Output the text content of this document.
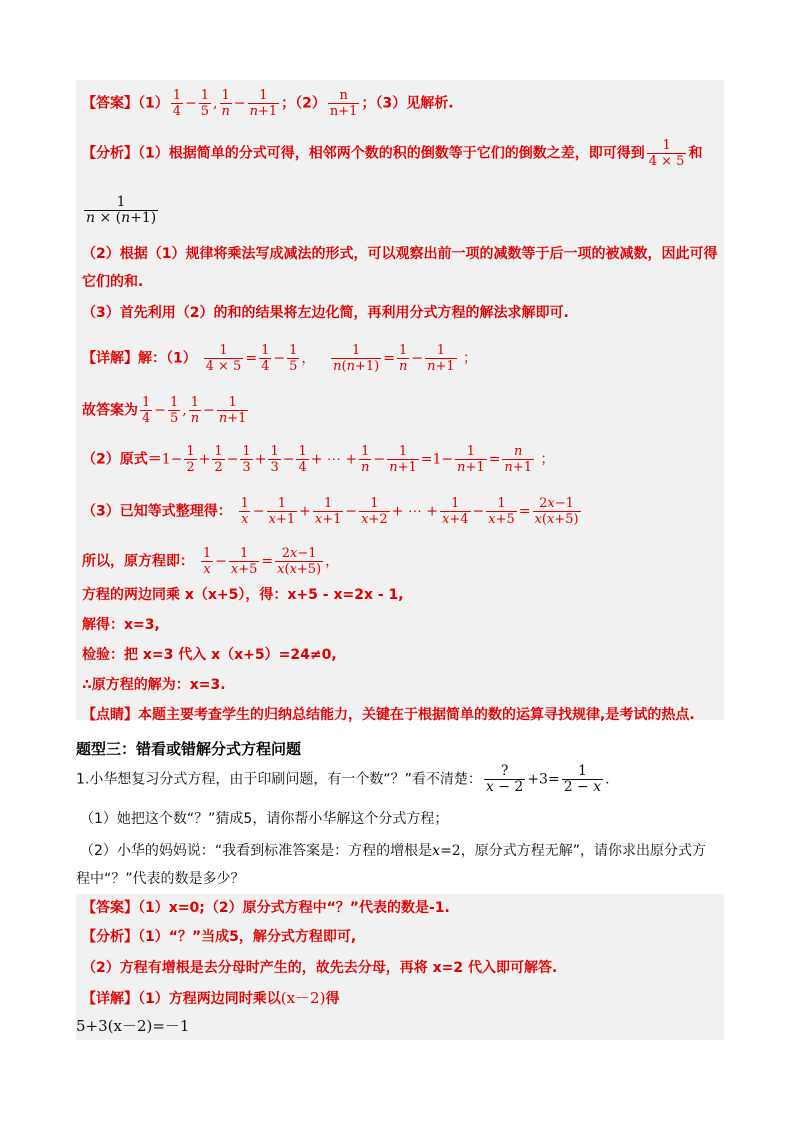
【答案】$(1) \frac{1}{4} - \frac{1}{5}$ , $\frac{1}{n} - \frac{1}{n+1}$ ；$(2) \frac{n}{n+1}$ ；（3）见解析.
【分析】（1）根据简单的分式可得，相邻两个数的积的倒数等于它们的倒数之差，即可得到 $\frac{1}{4 \times 5}$ 和
$\frac{1}{n \times (n+1)}$
（2）根据（1）规律将乘法写成减法的形式，可以观察出前一项的减数等于后一项的被减数，因此可得
它们的和.
（3）首先利用（2）的和的结果将左边化简，再利用分式方程的解法求解即可.
【详解】解：$(1) \frac{1}{4 \times 5} = \frac{1}{4} - \frac{1}{5}$ ， $\frac{1}{n(n+1)} = \frac{1}{n} - \frac{1}{n+1}$ ；
故答案为 $\frac{1}{4} - \frac{1}{5}$ , $\frac{1}{n} - \frac{1}{n+1}$
（2）原式$=1- \frac{1}{2} + \frac{1}{2} - \frac{1}{3} + \frac{1}{3} - \frac{1}{4}$ + ⋯ + $\frac{1}{n} - \frac{1}{n+1} =1- \frac{1}{n+1} = \frac{n}{n+1}$ ；
（3）已知等式整理得： $\frac{1}{x} - \frac{1}{x+1} + \frac{1}{x+1} - \frac{1}{x+2}$ + ⋯ + $\frac{1}{x+4} - \frac{1}{x+5} = \frac{2x-1}{x(x+5)}$
所以，原方程即： $\frac{1}{x} - \frac{1}{x+5} = \frac{2x-1}{x(x+5)}$ ，
方程的两边同乘 x（x+5），得：x+5 - x=2x - 1,
解得：x=3,
检验：把 x=3 代入 x（x+5）=24≠0,
∴原方程的解为：x=3.
【点睛】本题主要考查学生的归纳总结能力，关键在于根据简单的数的运算寻找规律,是考试的热点.
题型三：错看或错解分式方程问题
1.小华想复习分式方程，由于印刷问题，有一个数“？”看不清楚：
?
$x - 2 +3= \frac{1}{2 - x}$ .
（1）她把这个数“？”猜成5，请你帮小华解这个分式方程；
（2）小华的妈妈说：“我看到标准答案是：方程的增根是x=2，原分式方程无解”，请你求出原分式方
程中“？”代表的数是多少？
【答案】（1）x=0;（2）原分式方程中“？”代表的数是-1.
【分析】（1）“？”当成5，解分式方程即可,
（2）方程有增根是去分母时产生的，故先去分母，再将 x=2 代入即可解答.
【详解】（1）方程两边同时乘以(x－2)得
5+3(x－2)=－1
